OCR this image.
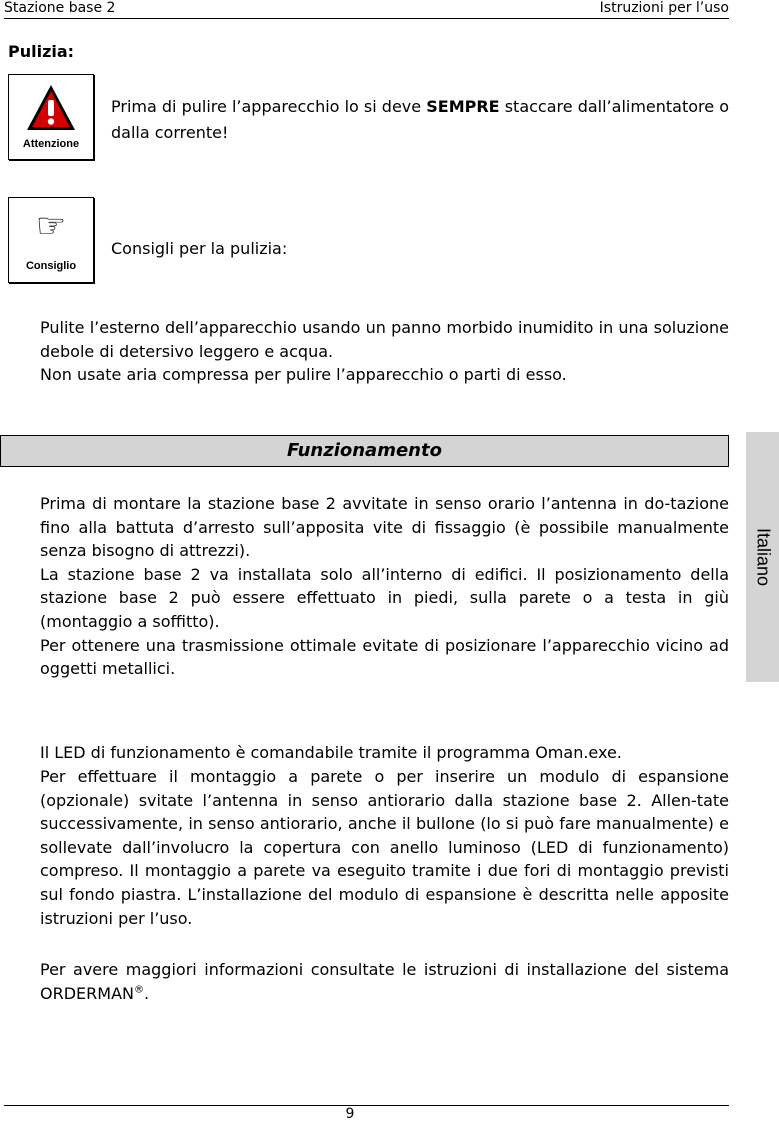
Stazione base 2	Istruzioni per l’uso
Italiano
Pulizia:
Attenzione
Prima di pulire l’apparecchio lo si deve SEMPRE staccare dall’alimentatore o dalla corrente!
☞
Consiglio
Consigli per la pulizia:

Pulite l’esterno dell’apparecchio usando un panno morbido inumidito in una soluzione debole di detersivo leggero e acqua.

Non usate aria compressa per pulire l’apparecchio o parti di esso.

Funzionamento

Prima di montare la stazione base 2 avvitate in senso orario l’antenna in do-tazione fino alla battuta d’arresto sull’apposita vite di fissaggio (è possibile manualmente senza bisogno di attrezzi).

La stazione base 2 va installata solo all’interno di edifici. Il posizionamento della stazione base 2 può essere effettuato in piedi, sulla parete o a testa in giù (montaggio a soffitto).

Per ottenere una trasmissione ottimale evitate di posizionare l’apparecchio vicino ad oggetti metallici.

Il LED di funzionamento è comandabile tramite il programma Oman.exe.

Per effettuare il montaggio a parete o per inserire un modulo di espansione (opzionale) svitate l’antenna in senso antiorario dalla stazione base 2. Allen-tate successivamente, in senso antiorario, anche il bullone (lo si può fare manualmente) e sollevate dall’involucro la copertura con anello luminoso (LED di funzionamento) compreso. Il montaggio a parete va eseguito tramite i due fori di montaggio previsti sul fondo piastra. L’installazione del modulo di espansione è descritta nelle apposite istruzioni per l’uso.

Per avere maggiori informazioni consultate le istruzioni di installazione del sistema ORDERMAN®.
9
